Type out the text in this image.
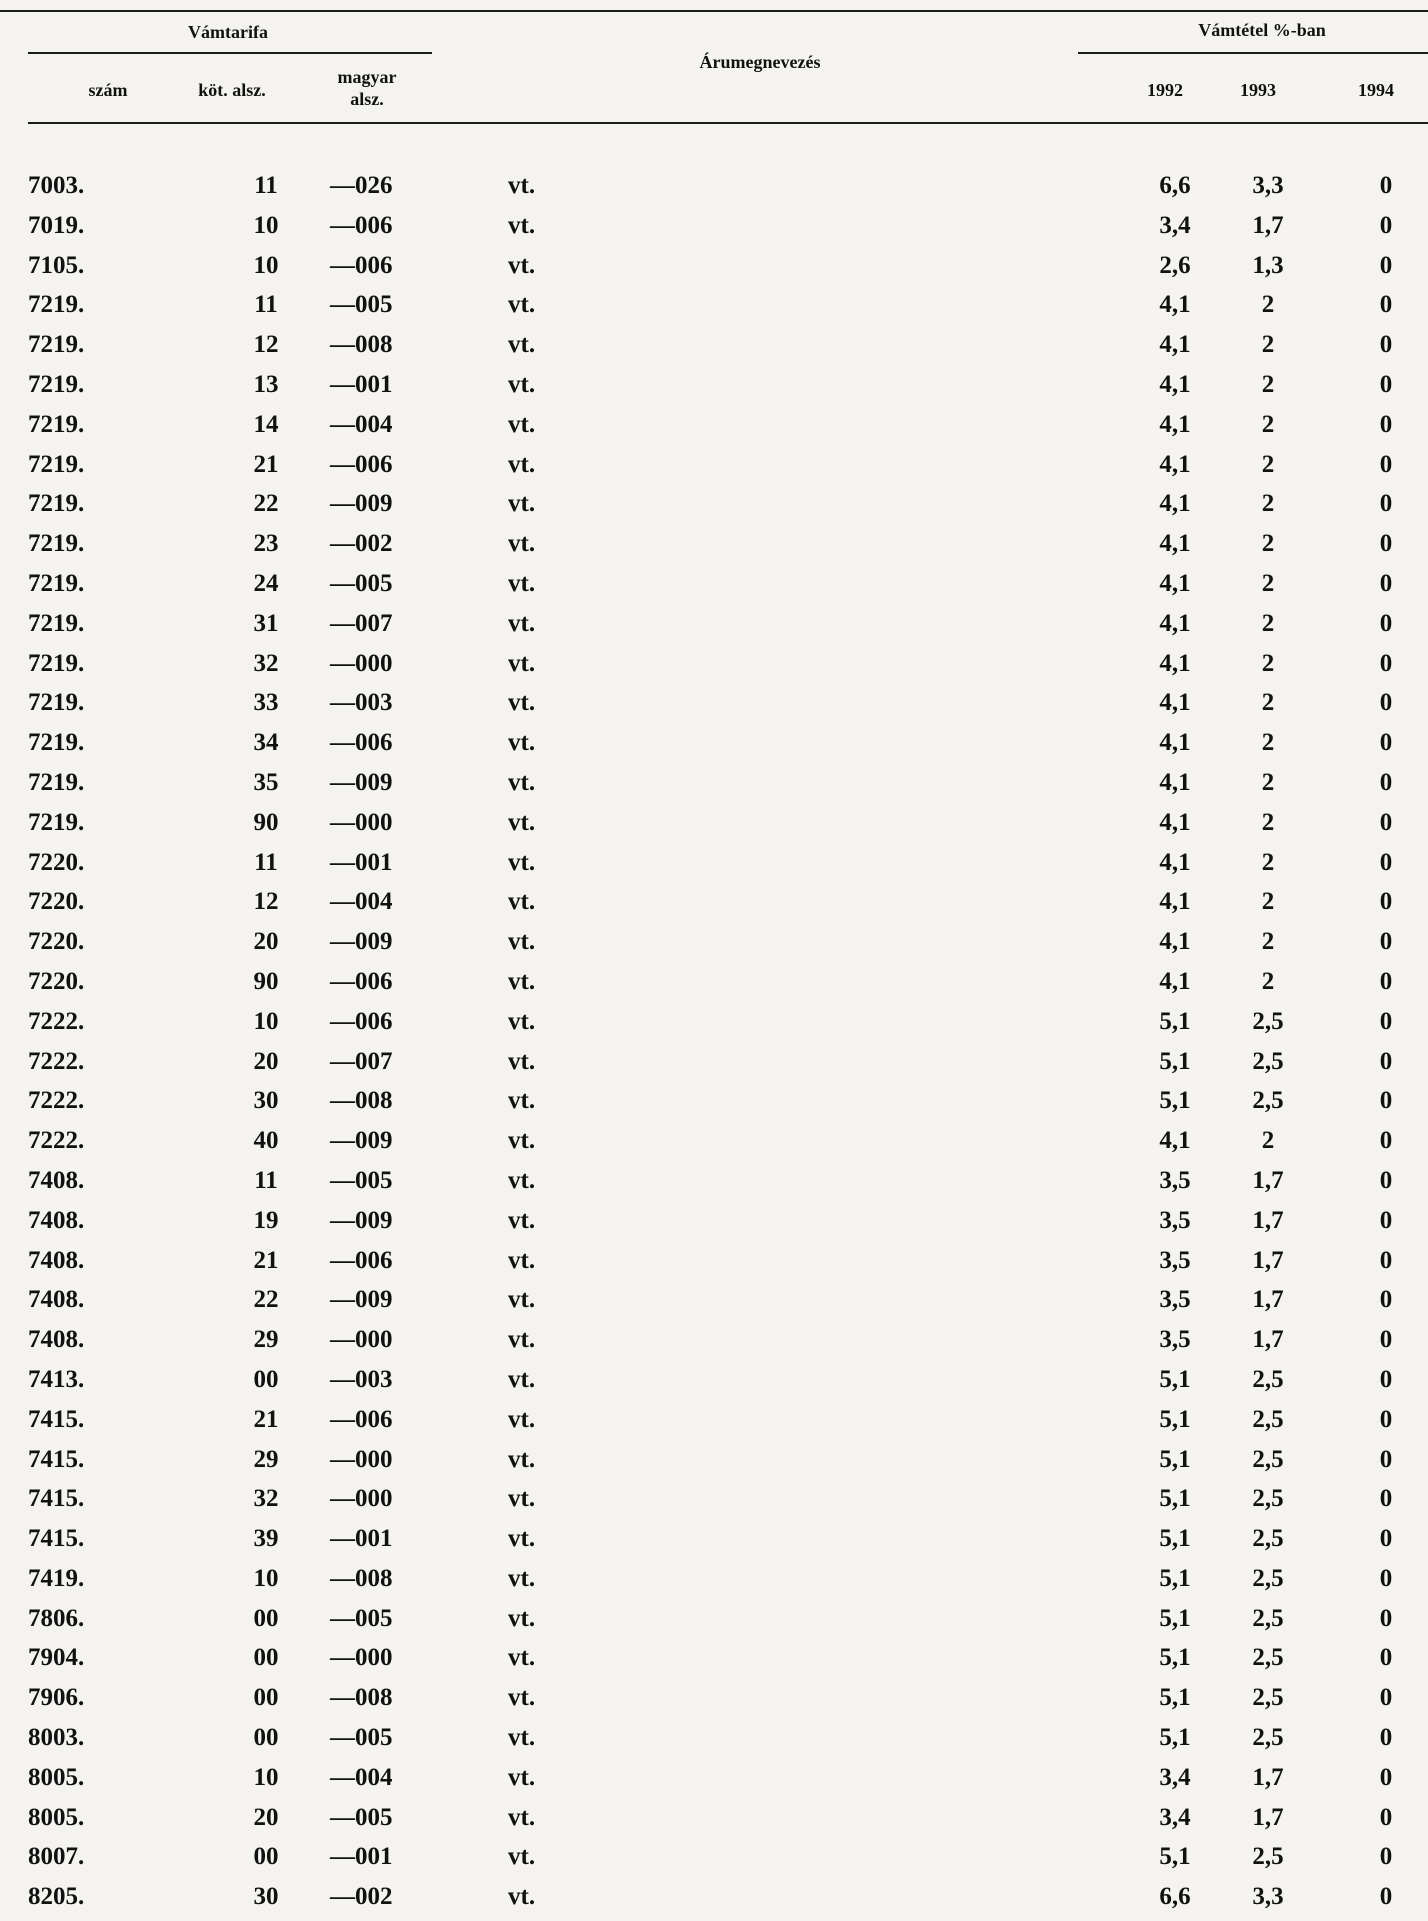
Vámtarifa	Vámtétel %-ban
szám	köt. alsz.
magyar alsz.
Árumegnevezés
1992	1993	1994
7003.	11 —026	vt.	6,6 3,3	0
7019.	10 —006	vt.	3,4 1,7	0
7105.	10 —006	vt.	2,6 1,3	0
7219.	11 —005	vt.	4,1	2	0
7219.	12 —008	vt.	4,1	2	0
7219.	13 —001	vt.	4,1	2	0
7219.	14 —004	vt.	4,1	2	0
7219.	21 —006	vt.	4,1	2	0
7219.	22 —009	vt.	4,1	2	0
7219.	23 —002	vt.	4,1	2	0
7219.	24 —005	vt.	4,1	2	0
7219.	31 —007	vt.	4,1	2	0
7219.	32 —000	vt.	4,1	2	0
7219.	33 —003	vt.	4,1	2	0
7219.	34 —006	vt.	4,1	2	0
7219.	35 —009	vt.	4,1	2	0
7219.	90 —000	vt.	4,1	2	0
7220.	11 —001	vt.	4,1	2	0
7220.	12 —004	vt.	4,1	2	0
7220.	20 —009	vt.	4,1	2	0
7220.	90 —006	vt.	4,1	2	0
7222.	10 —006	vt.	5,1 2,5	0
7222.	20 —007	vt.	5,1 2,5	0
7222.	30 —008	vt.	5,1 2,5	0
7222.	40 —009	vt.	4,1	2	0
7408.	11 —005	vt.	3,5 1,7	0
7408.	19 —009	vt.	3,5 1,7	0
7408.	21 —006	vt.	3,5 1,7	0
7408.	22 —009	vt.	3,5 1,7	0
7408.	29 —000	vt.	3,5 1,7	0
7413.	00 —003	vt.	5,1 2,5	0
7415.	21 —006	vt.	5,1 2,5	0
7415.	29 —000	vt.	5,1 2,5	0
7415.	32 —000	vt.	5,1 2,5	0
7415.	39 —001	vt.	5,1 2,5	0
7419.	10 —008	vt.	5,1 2,5	0
7806.	00 —005	vt.	5,1 2,5	0
7904.	00 —000	vt.	5,1 2,5	0
7906.	00 —008	vt.	5,1 2,5	0
8003.	00 —005	vt.	5,1 2,5	0
8005.	10 —004	vt.	3,4 1,7	0
8005.	20 —005	vt.	3,4 1,7	0
8007.	00 —001	vt.	5,1 2,5	0
8205.	30 —002	vt.	6,6 3,3	0
